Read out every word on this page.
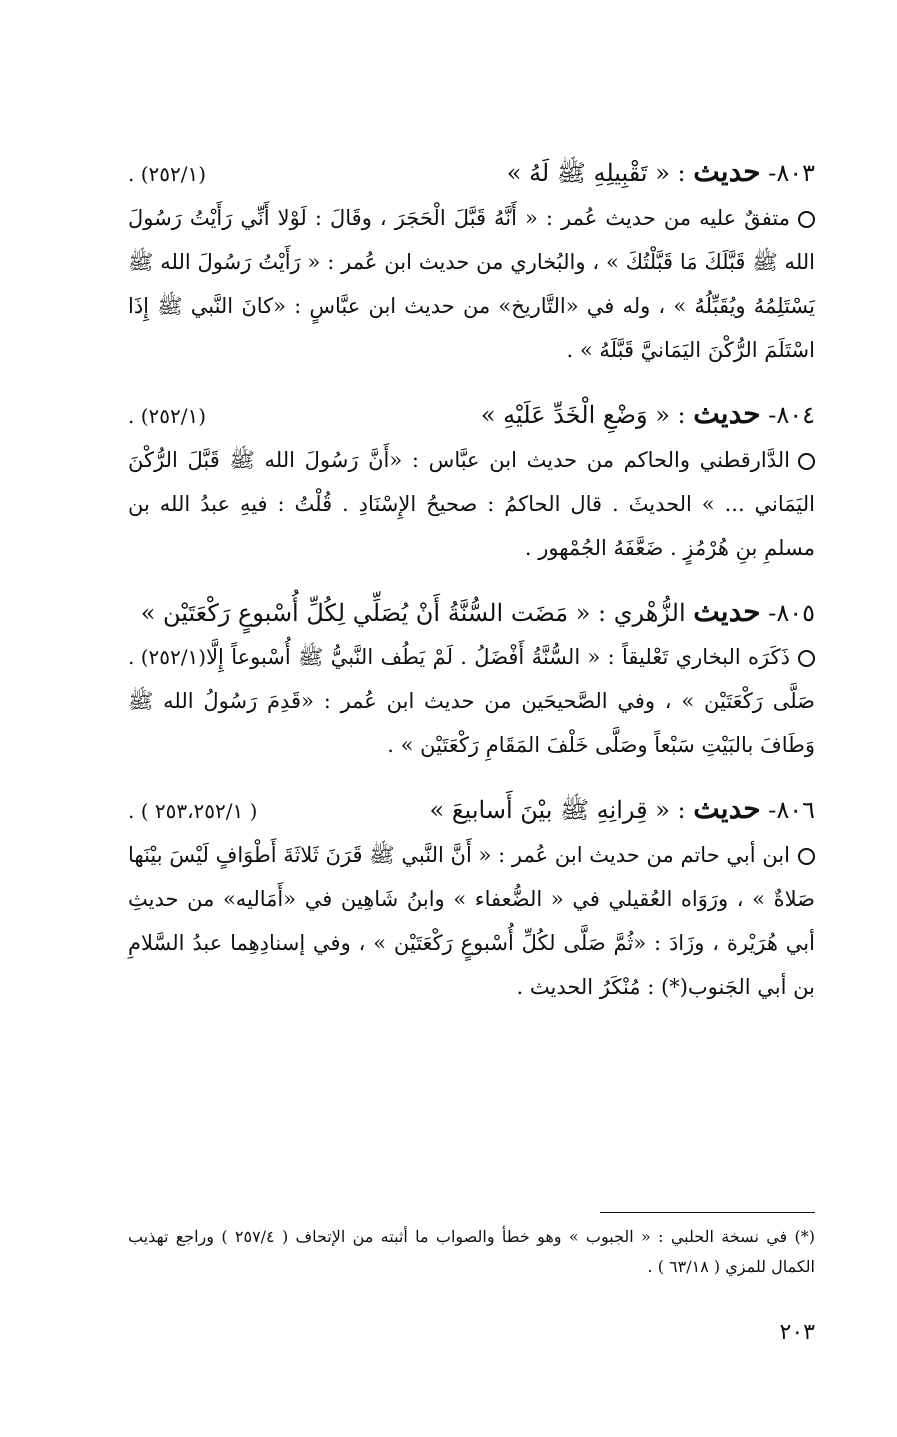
٨٠٣- حديث : « تَقْبِيلِهِ ﷺ لَهُ »
(٢٥٢/١) .

متفقٌ عليه من حديث عُمر : « أَنَّهُ قَبَّلَ الْحَجَرَ ، وقَالَ : لَوْلا أَنِّي رَأَيْتُ رَسُولَ الله ﷺ قَبَّلَكَ مَا قَبَّلْتُكَ » ، والبُخاري من حديث ابن عُمر : « رَأَيْتُ رَسُولَ الله ﷺ يَسْتَلِمُهُ ويُقَبِّلُهُ » ، وله في «التَّاريخ» من حديث ابن عبَّاسٍ : «كانَ النَّبي ﷺ إِذَا اسْتَلَمَ الرُّكْنَ اليَمَانيَّ قَبَّلَهُ » .

٨٠٤- حديث : « وَضْعِ الْخَدِّ عَلَيْهِ »
(٢٥٢/١) .

الدَّارقطني والحاكم من حديث ابن عبَّاس : «أَنَّ رَسُولَ الله ﷺ قَبَّلَ الرُّكْنَ اليَمَاني ... » الحديثَ . قال الحاكمُ : صحيحُ الإِسْنَادِ . قُلْتُ : فيهِ عبدُ الله بن مسلمِ بنِ هُرْمُزٍ . ضَعَّفَهُ الجُمْهور .

٨٠٥- حديث الزُّهْري : « مَضَت السُّنَّةُ أَنْ يُصَلِّي لِكُلِّ أُسْبوعٍ رَكْعَتَيْن »
(٢٥٢/١) . ذَكَرَه البخاري تَعْليقاً : « السُّنَّةُ أَفْضَلُ . لَمْ يَطُف النَّبيُّ ﷺ أُسْبوعاً إِلَّا صَلَّى رَكْعَتَيْن » ، وفي الصَّحيحَين من حديث ابن عُمر : «قَدِمَ رَسُولُ الله ﷺ وَطَافَ بالبَيْتِ سَبْعاً وصَلَّى خَلْفَ المَقَامِ رَكْعَتَيْن » .

٨٠٦- حديث : « قِرانِهِ ﷺ بيْنَ أَسابيعَ »
( ٢٥٣،٢٥٢/١ ) .

ابن أبي حاتم من حديث ابن عُمر : « أَنَّ النَّبي ﷺ قَرَنَ ثَلاثَةَ أَطْوَافٍ لَيْسَ بيْنَها صَلاةٌ » ، ورَوَاه العُقيلي في « الضُّعفاء » وابنُ شَاهِين في «أَمَاليه» من حديثِ أبي هُرَيْرة ، وزَادَ : «ثُمَّ صَلَّى لكُلِّ أُسْبوعٍ رَكْعَتَيْن » ، وفي إسنادِهِما عبدُ السَّلامِ بن أبي الجَنوب(*) : مُنْكَرُ الحديث .

(*) في نسخة الحلبي : « الجبوب » وهو خطأ والصواب ما أثبته من الإتحاف ( ٢٥٧/٤ ) وراجع تهذيب الكمال للمزي ( ٦٣/١٨ ) .

٢٠٣
